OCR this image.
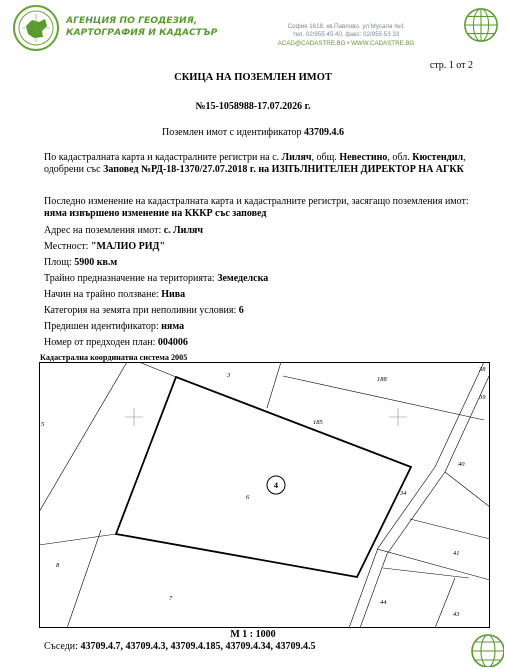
АГЕНЦИЯ ПО ГЕОДЕЗИЯ,
КАРТОГРАФИЯ И КАДАСТЪР
София 1618, кв.Павлово, ул.Мусала №1
тел. 02/955 45 40, факс: 02/955 53 33
ACAD@CADASTRE.BG • WWW.CADASTRE.BG
стр. 1 от 2
СКИЦА НА ПОЗЕМЛЕН ИМОТ
№15-1058988-17.07.2026 г.
Поземлен имот с идентификатор 43709.4.6
По кадастралната карта и кадастралните регистри на с. Лиляч, общ. Невестино, обл. Кюстендил, одобрени със Заповед №РД-18-1370/27.07.2018 г. на ИЗПЪЛНИТЕЛЕН ДИРЕКТОР НА АГКК
Последно изменение на кадастралната карта и кадастралните регистри, засягащо поземления имот: няма извършено изменение на КККР със заповед
Адрес на поземления имот: с. Лиляч
Местност: "МАЛИО РИД"
Площ: 5900 кв.м
Трайно предназначение на територията: Земеделска
Начин на трайно ползване: Нива
Категория на земята при неполивни условия: 6
Предишен идентификатор: няма
Номер от предходен план: 004006
Кадастрална координатна система 2005
3
188
185
5
6
40
34
39
38
8
7
41
44
43
4
М 1 : 1000
Съседи: 43709.4.7, 43709.4.3, 43709.4.185, 43709.4.34, 43709.4.5
